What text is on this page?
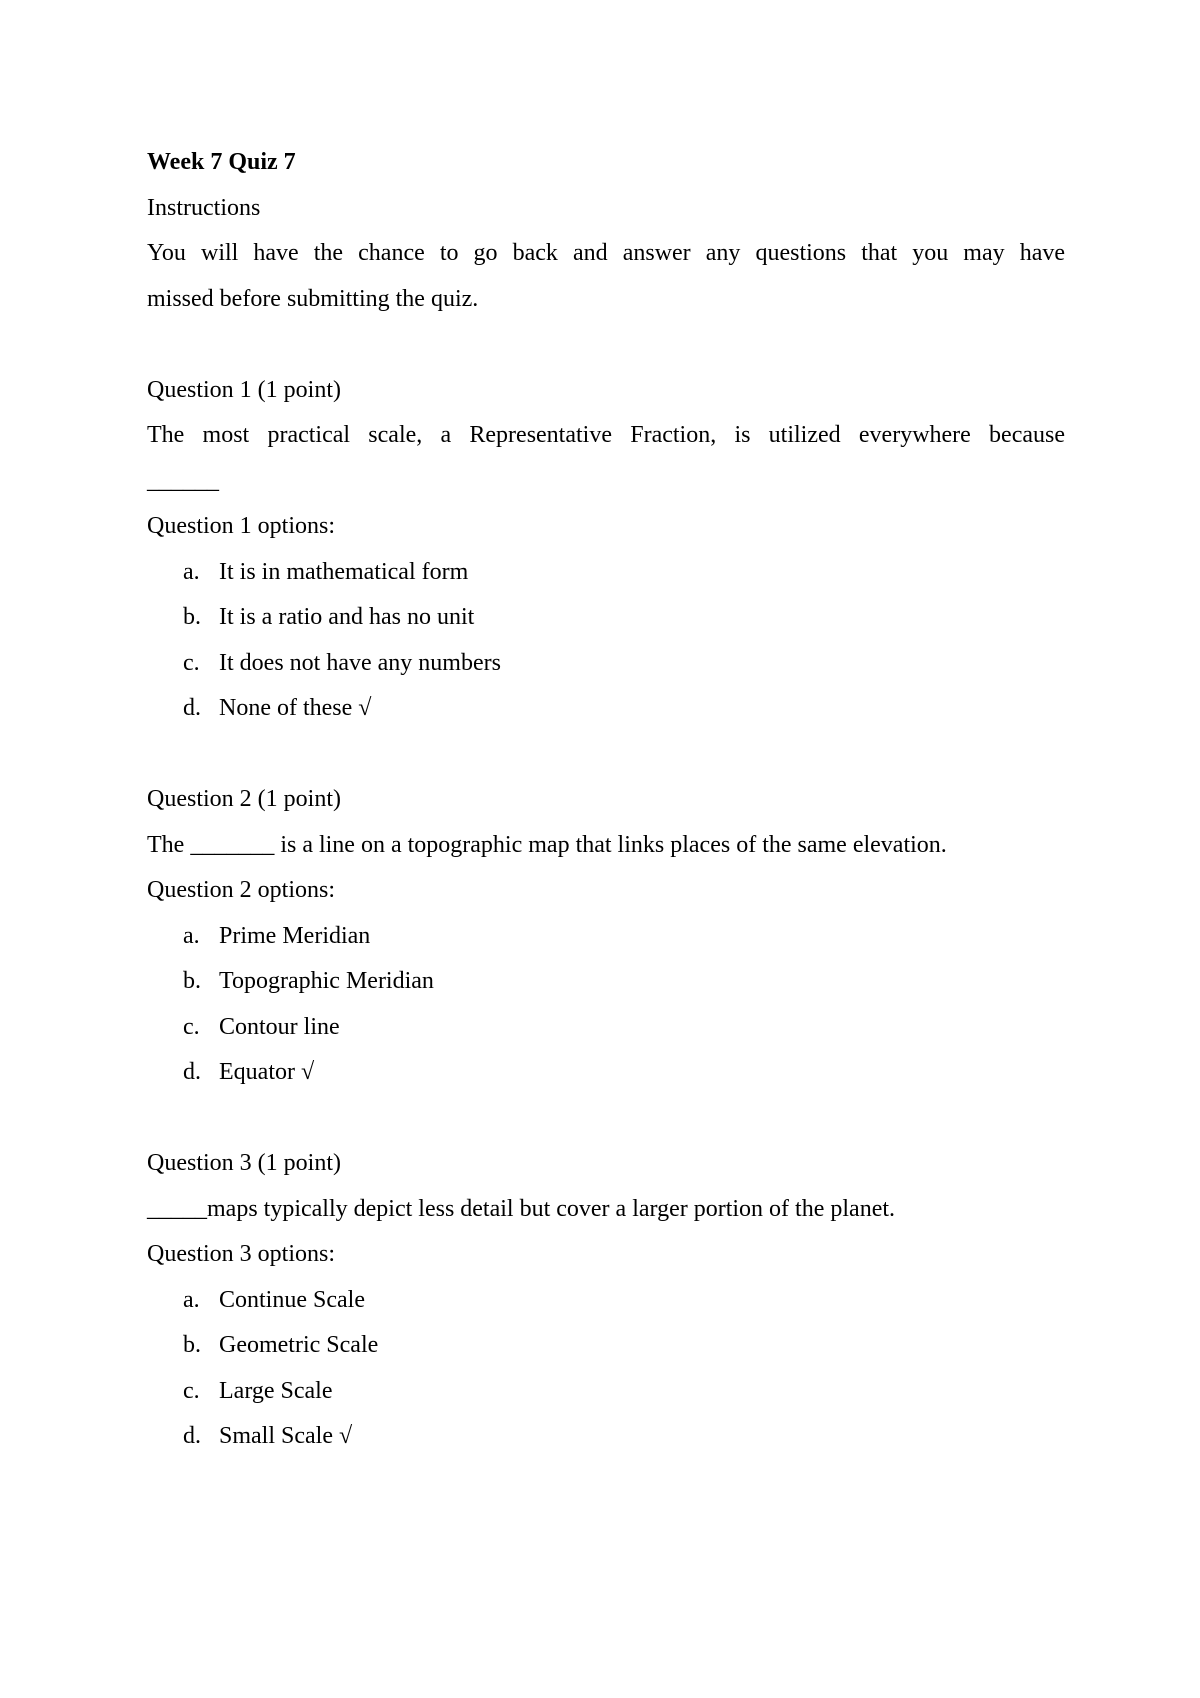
Week 7 Quiz 7

Instructions

You will have the chance to go back and answer any questions that you may have

missed before submitting the quiz.

Question 1 (1 point)

The most practical scale, a Representative Fraction, is utilized everywhere because

______

Question 1 options:

a. It is in mathematical form
b. It is a ratio and has no unit
c. It does not have any numbers
d. None of these √

Question 2 (1 point)

The _______ is a line on a topographic map that links places of the same elevation.

Question 2 options:

a. Prime Meridian
b. Topographic Meridian
c. Contour line
d. Equator √

Question 3 (1 point)

_____maps typically depict less detail but cover a larger portion of the planet.

Question 3 options:

a. Continue Scale
b. Geometric Scale
c. Large Scale
d. Small Scale √
